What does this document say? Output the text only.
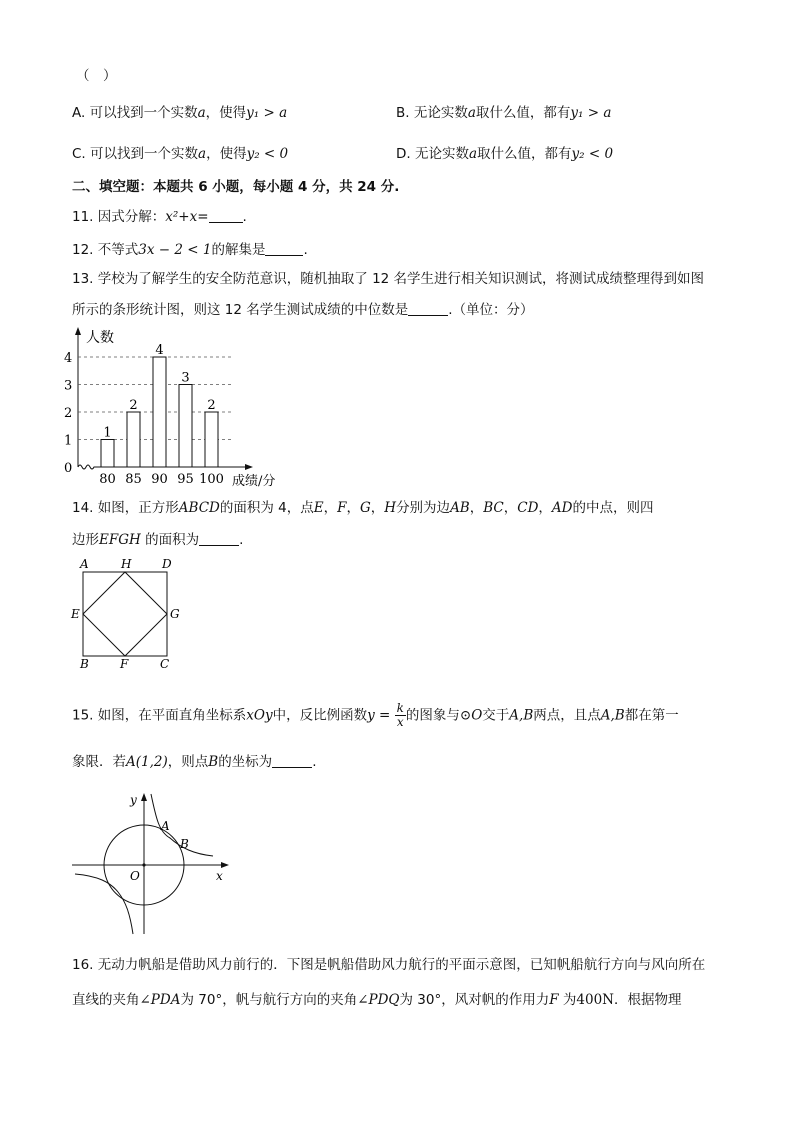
（　）
A. 可以找到一个实数a，使得y₁ > a	B. 无论实数a取什么值，都有y₁ > a
C. 可以找到一个实数a，使得y₂ < 0	D. 无论实数a取什么值，都有y₂ < 0
二、填空题：本题共 6 小题，每小题 4 分，共 24 分.
11. 因式分解：x²+x=	.
12. 不等式3x − 2 < 1的解集是	.
13. 学校为了解学生的安全防范意识，随机抽取了 12 名学生进行相关知识测试，将测试成绩整理得到如图
所示的条形统计图，则这 12 名学生测试成绩的中位数是	.（单位：分）
人数
成绩/分
0
1
2
3
4
80 85 90 95 100
1
2
4
3
2
14. 如图，正方形ABCD的面积为 4，点E，F，G，H分别为边AB，BC，CD，AD的中点，则四
边形EFGH 的面积为	.
A	H	D
E	G
B	F	C
15. 如图，在平面直角坐标系xOy中，反比例函数$y = \frac{k}{x}$ 的图象与⊙O交于A,B两点，且点A,B都在第一
象限．若A(1,2)，则点B的坐标为	.
y
x
O
A
B
16. 无动力帆船是借助风力前行的．下图是帆船借助风力航行的平面示意图，已知帆船航行方向与风向所在
直线的夹角∠PDA为 70°，帆与航行方向的夹角∠PDQ为 30°，风对帆的作用力F 为400N．根据物理
